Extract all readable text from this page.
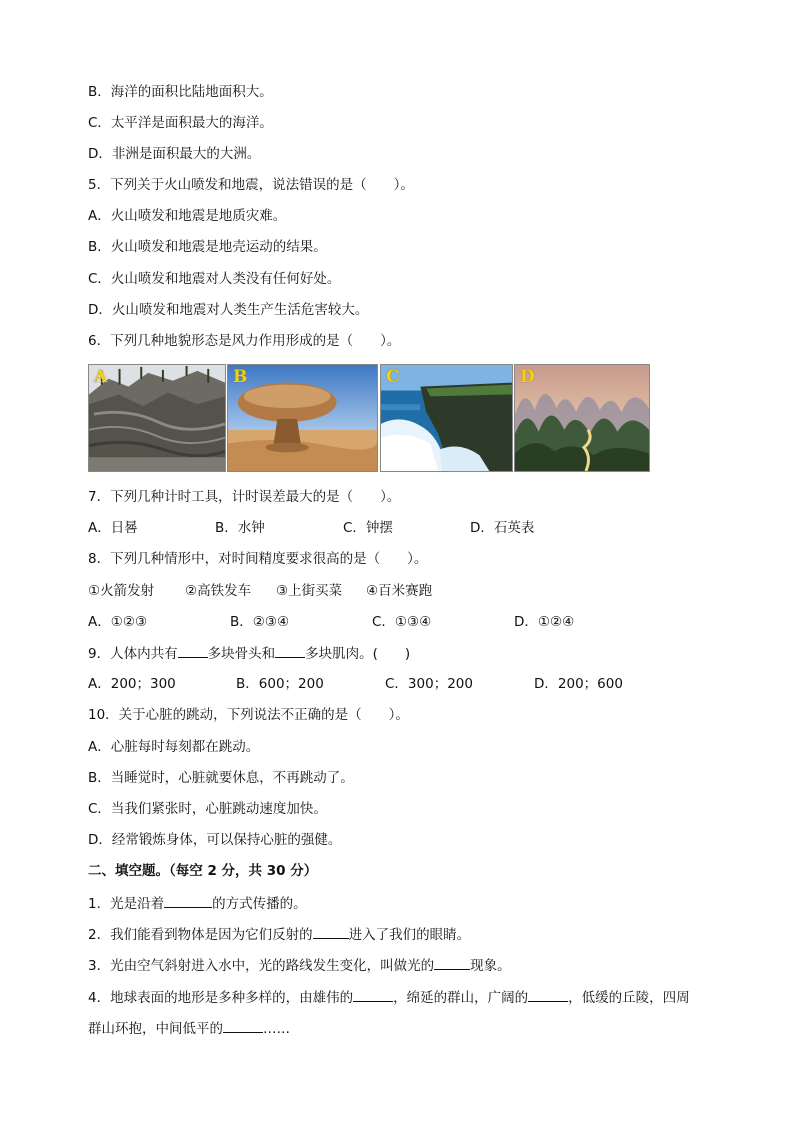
B．海洋的面积比陆地面积大。
C．太平洋是面积最大的海洋。
D．非洲是面积最大的大洲。
5．下列关于火山喷发和地震，说法错误的是（　　）。
A．火山喷发和地震是地质灾难。
B．火山喷发和地震是地壳运动的结果。
C．火山喷发和地震对人类没有任何好处。
D．火山喷发和地震对人类生产生活危害较大。
6．下列几种地貌形态是风力作用形成的是（　　）。
A	B	C	D
7．下列几种计时工具，计时误差最大的是（　　）。
A．日晷	B．水钟	C．钟摆	D．石英表
8．下列几种情形中，对时间精度要求很高的是（　　）。
①火箭发射 ②高铁发车 ③上街买菜 ④百米赛跑
A．①②③	B．②③④	C．①③④	D．①②④
9．人体内共有 多块骨头和 多块肌肉。(　　)
A．200；300	B．600；200	C．300；200	D．200；600
10．关于心脏的跳动，下列说法不正确的是（　　）。
A．心脏每时每刻都在跳动。
B．当睡觉时，心脏就要休息，不再跳动了。
C．当我们紧张时，心脏跳动速度加快。
D．经常锻炼身体，可以保持心脏的强健。
二、填空题。（每空 2 分，共 30 分）
1．光是沿着	的方式传播的。
2．我们能看到物体是因为它们反射的	进入了我们的眼睛。
3．光由空气斜射进入水中，光的路线发生变化，叫做光的	现象。
4．地球表面的地形是多种多样的，由雄伟的	，绵延的群山，广阔的	，低缓的丘陵，四周
群山环抱，中间低平的	……
